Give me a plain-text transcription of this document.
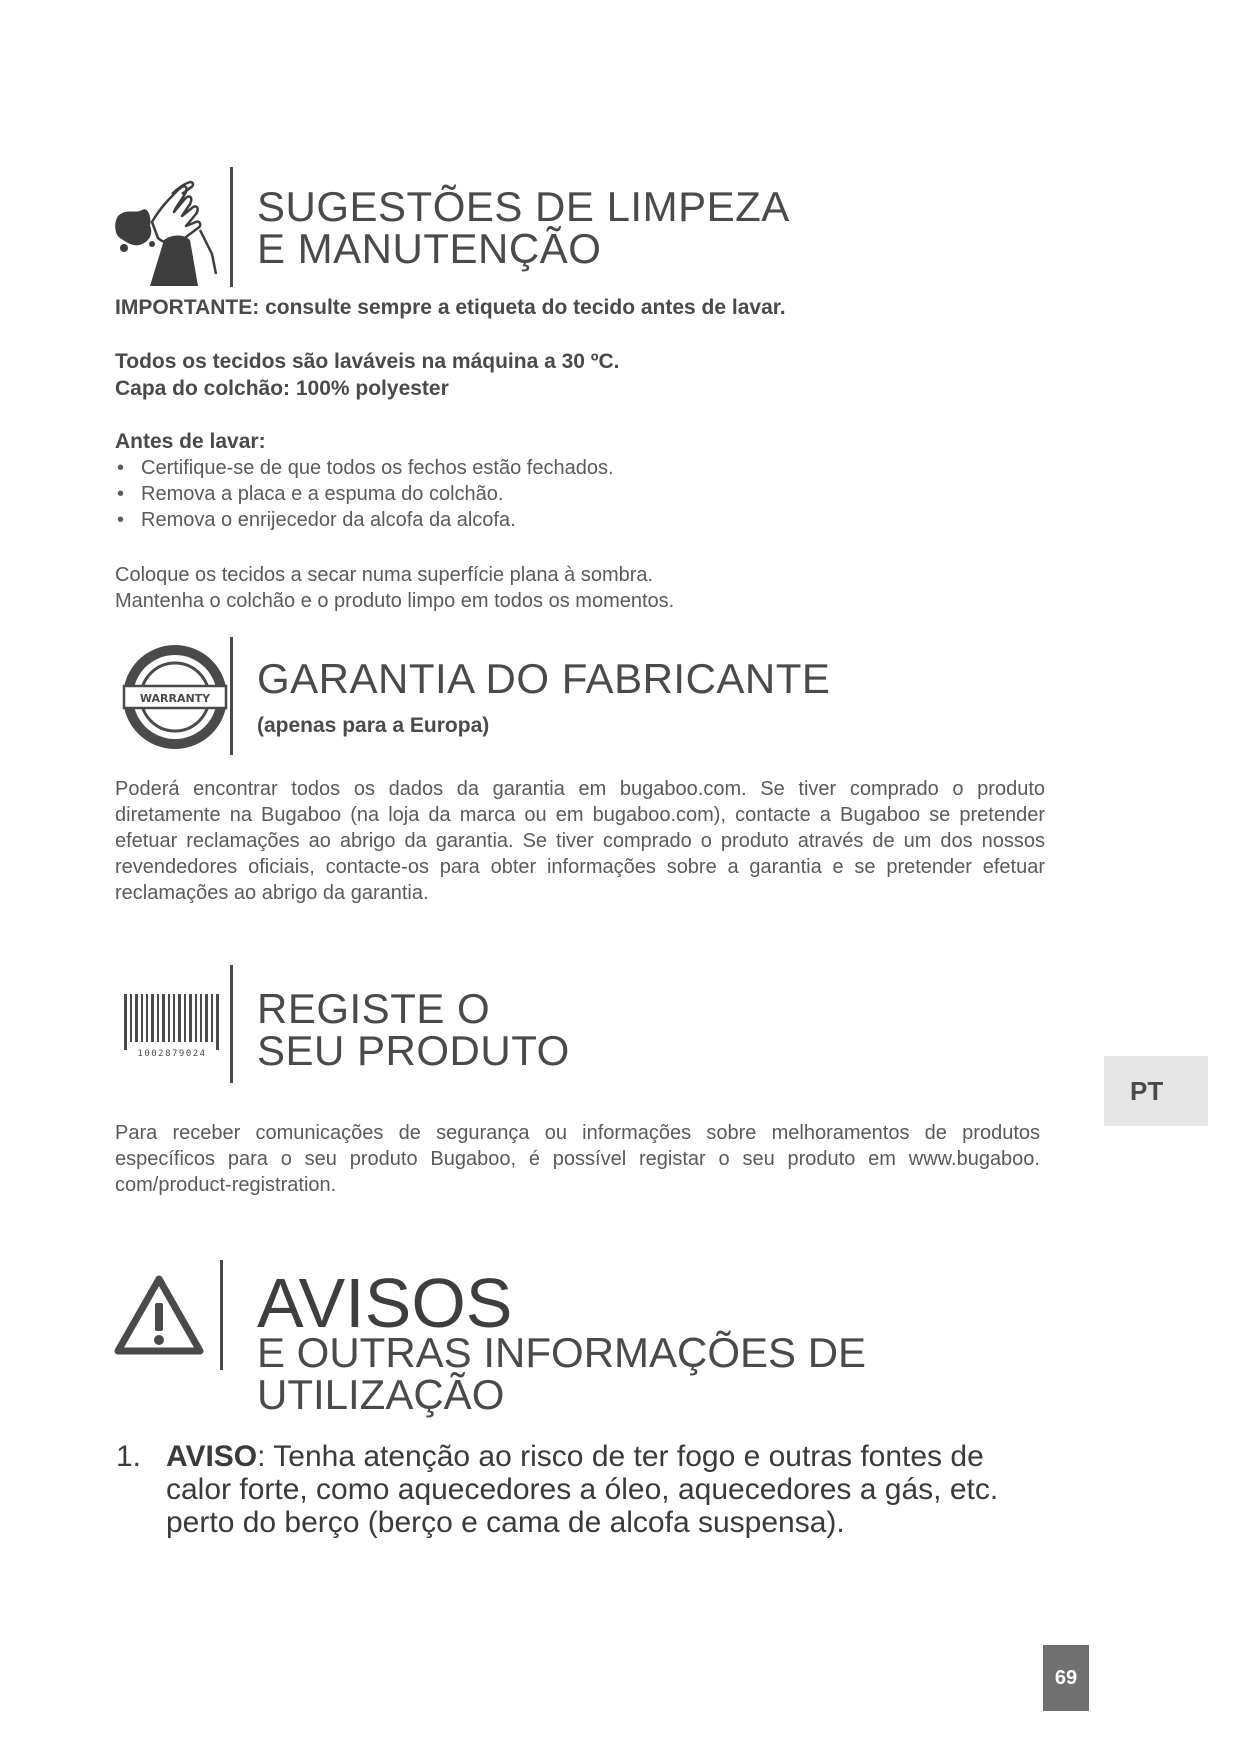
SUGESTÕES DE LIMPEZA
E MANUTENÇÃO
IMPORTANTE: consulte sempre a etiqueta do tecido antes de lavar.
Todos os tecidos são laváveis na máquina a 30 ºC.
Capa do colchão: 100% polyester
Antes de lavar:
• Certifique-se de que todos os fechos estão fechados.
• Remova a placa e a espuma do colchão.
• Remova o enrijecedor da alcofa da alcofa.
Coloque os tecidos a secar numa superfície plana à sombra.
Mantenha o colchão e o produto limpo em todos os momentos.
WARRANTY GARANTIA DO FABRICANTE
(apenas para a Europa)
Poderá encontrar todos os dados da garantia em bugaboo.com. Se tiver comprado o produto diretamente na Bugaboo (na loja da marca ou em bugaboo.com), contacte a Bugaboo se pretender efetuar reclamações ao abrigo da garantia. Se tiver comprado o produto através de um dos nossos revendedores oficiais, contacte-os para obter informações sobre a garantia e se pretender efetuar reclamações ao abrigo da garantia.
1002879024
REGISTE O
SEU PRODUTO
Para receber comunicações de segurança ou informações sobre melhoramentos de produtos específicos para o seu produto Bugaboo, é possível registar o seu produto em www.bugaboo. com/product-registration.
PT
AVISOS
E OUTRAS INFORMAÇÕES DE
UTILIZAÇÃO
1. AVISO: Tenha atenção ao risco de ter fogo e outras fontes de calor forte, como aquecedores a óleo, aquecedores a gás, etc. perto do berço (berço e cama de alcofa suspensa).
69
